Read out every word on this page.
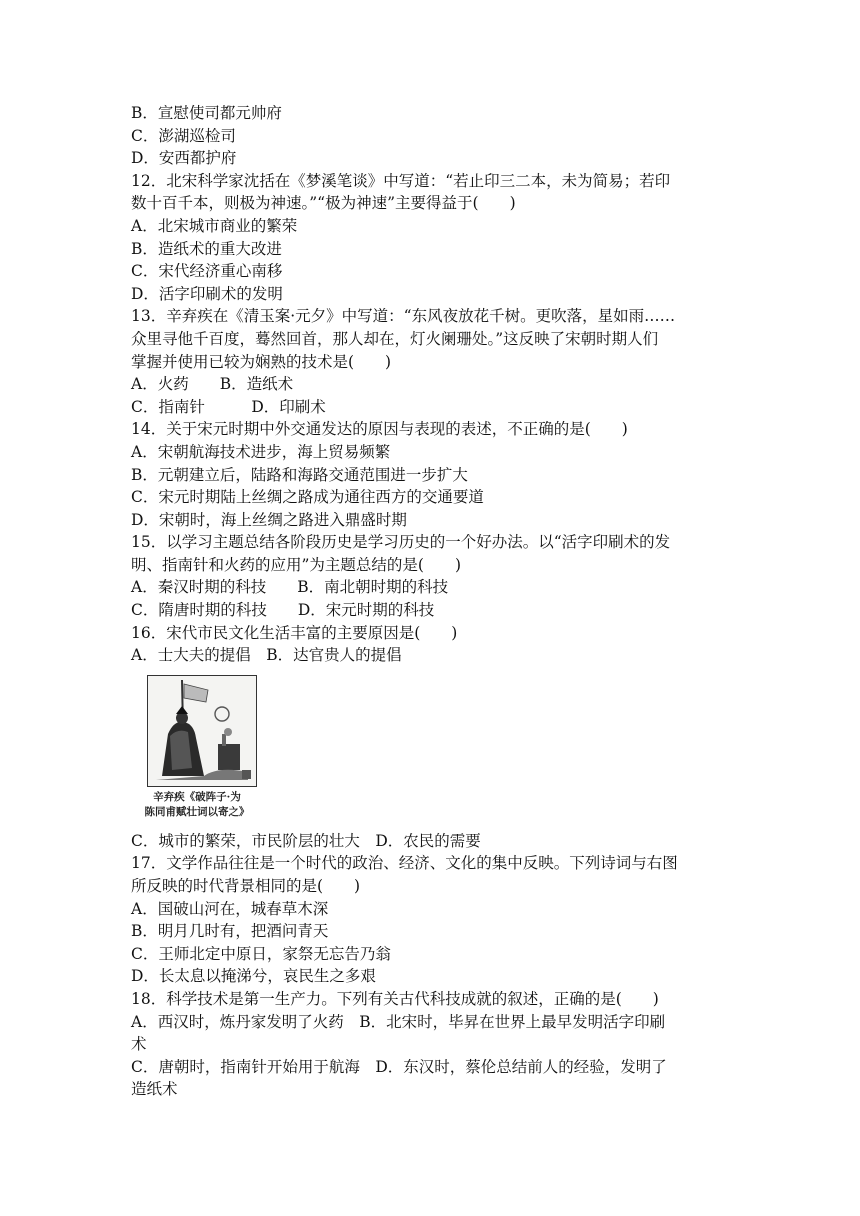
B．宣慰使司都元帅府
C．澎湖巡检司
D．安西都护府
12．北宋科学家沈括在《梦溪笔谈》中写道：“若止印三二本，未为简易；若印
数十百千本，则极为神速。”“极为神速”主要得益于(　　)
A．北宋城市商业的繁荣
B．造纸术的重大改进
C．宋代经济重心南移
D．活字印刷术的发明
13．辛弃疾在《清玉案·元夕》中写道：“东风夜放花千树。更吹落，星如雨……
众里寻他千百度，蓦然回首，那人却在，灯火阑珊处。”这反映了宋朝时期人们
掌握并使用已较为娴熟的技术是(　　)
A．火药　　B．造纸术
C．指南针　　　D．印刷术
14．关于宋元时期中外交通发达的原因与表现的表述，不正确的是(　　)
A．宋朝航海技术进步，海上贸易频繁
B．元朝建立后，陆路和海路交通范围进一步扩大
C．宋元时期陆上丝绸之路成为通往西方的交通要道
D．宋朝时，海上丝绸之路进入鼎盛时期
15．以学习主题总结各阶段历史是学习历史的一个好办法。以“活字印刷术的发
明、指南针和火药的应用”为主题总结的是(　　)
A．秦汉时期的科技　　B．南北朝时期的科技
C．隋唐时期的科技　　D．宋元时期的科技
16．宋代市民文化生活丰富的主要原因是(　　)
A．士大夫的提倡　B．达官贵人的提倡
辛弃疾《破阵子·为
陈同甫赋壮词以寄之》
C．城市的繁荣，市民阶层的壮大　D．农民的需要
17．文学作品往往是一个时代的政治、经济、文化的集中反映。下列诗词与右图
所反映的时代背景相同的是(　　)
A．国破山河在，城春草木深
B．明月几时有，把酒问青天
C．王师北定中原日，家祭无忘告乃翁
D．长太息以掩涕兮，哀民生之多艰
18．科学技术是第一生产力。下列有关古代科技成就的叙述，正确的是(　　)
A．西汉时，炼丹家发明了火药　B．北宋时，毕昇在世界上最早发明活字印刷
术
C．唐朝时，指南针开始用于航海　D．东汉时，蔡伦总结前人的经验，发明了
造纸术
